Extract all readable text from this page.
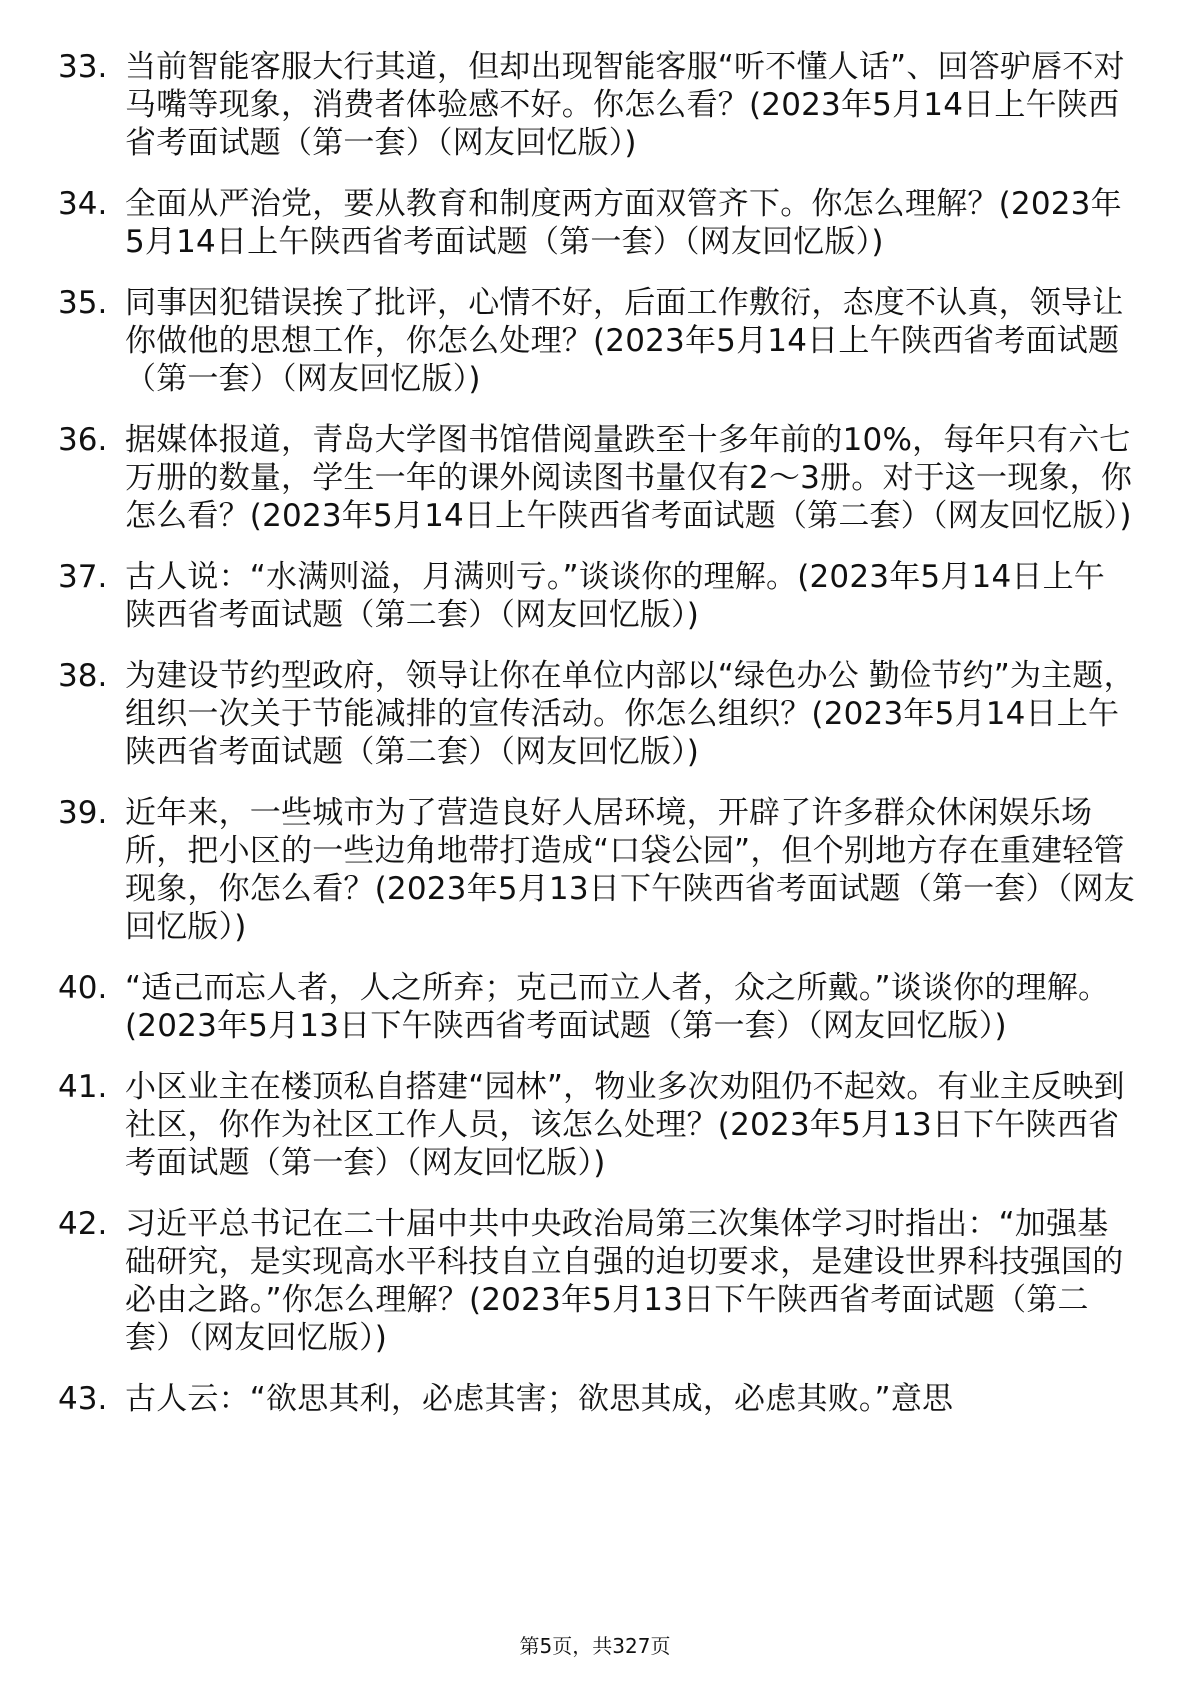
33. 当前智能客服大行其道，但却出现智能客服“听不懂人话”、回答驴唇不对马嘴等现象，消费者体验感不好。你怎么看？(2023年5月14日上午陕西省考面试题（第一套）（网友回忆版）)
34. 全面从严治党，要从教育和制度两方面双管齐下。你怎么理解？(2023年5月14日上午陕西省考面试题（第一套）（网友回忆版）)
35. 同事因犯错误挨了批评，心情不好，后面工作敷衍，态度不认真，领导让你做他的思想工作，你怎么处理？(2023年5月14日上午陕西省考面试题（第一套）（网友回忆版）)
36. 据媒体报道，青岛大学图书馆借阅量跌至十多年前的10%，每年只有六七万册的数量，学生一年的课外阅读图书量仅有2～3册。对于这一现象，你怎么看？(2023年5月14日上午陕西省考面试题（第二套）（网友回忆版）)
37. 古人说：“水满则溢，月满则亏。”谈谈你的理解。(2023年5月14日上午陕西省考面试题（第二套）（网友回忆版）)
38. 为建设节约型政府，领导让你在单位内部以“绿色办公 勤俭节约”为主题，组织一次关于节能减排的宣传活动。你怎么组织？(2023年5月14日上午陕西省考面试题（第二套）（网友回忆版）)
39. 近年来，一些城市为了营造良好人居环境，开辟了许多群众休闲娱乐场所，把小区的一些边角地带打造成“口袋公园”，但个别地方存在重建轻管现象，你怎么看？(2023年5月13日下午陕西省考面试题（第一套）（网友回忆版）)
40. “适己而忘人者，人之所弃；克己而立人者，众之所戴。”谈谈你的理解。(2023年5月13日下午陕西省考面试题（第一套）（网友回忆版）)
41. 小区业主在楼顶私自搭建“园林”，物业多次劝阻仍不起效。有业主反映到社区，你作为社区工作人员，该怎么处理？(2023年5月13日下午陕西省考面试题（第一套）（网友回忆版）)
42. 习近平总书记在二十届中共中央政治局第三次集体学习时指出：“加强基础研究，是实现高水平科技自立自强的迫切要求，是建设世界科技强国的必由之路。”你怎么理解？(2023年5月13日下午陕西省考面试题（第二套）（网友回忆版）)
43. 古人云：“欲思其利，必虑其害；欲思其成，必虑其败。”意思
第5页，共327页
